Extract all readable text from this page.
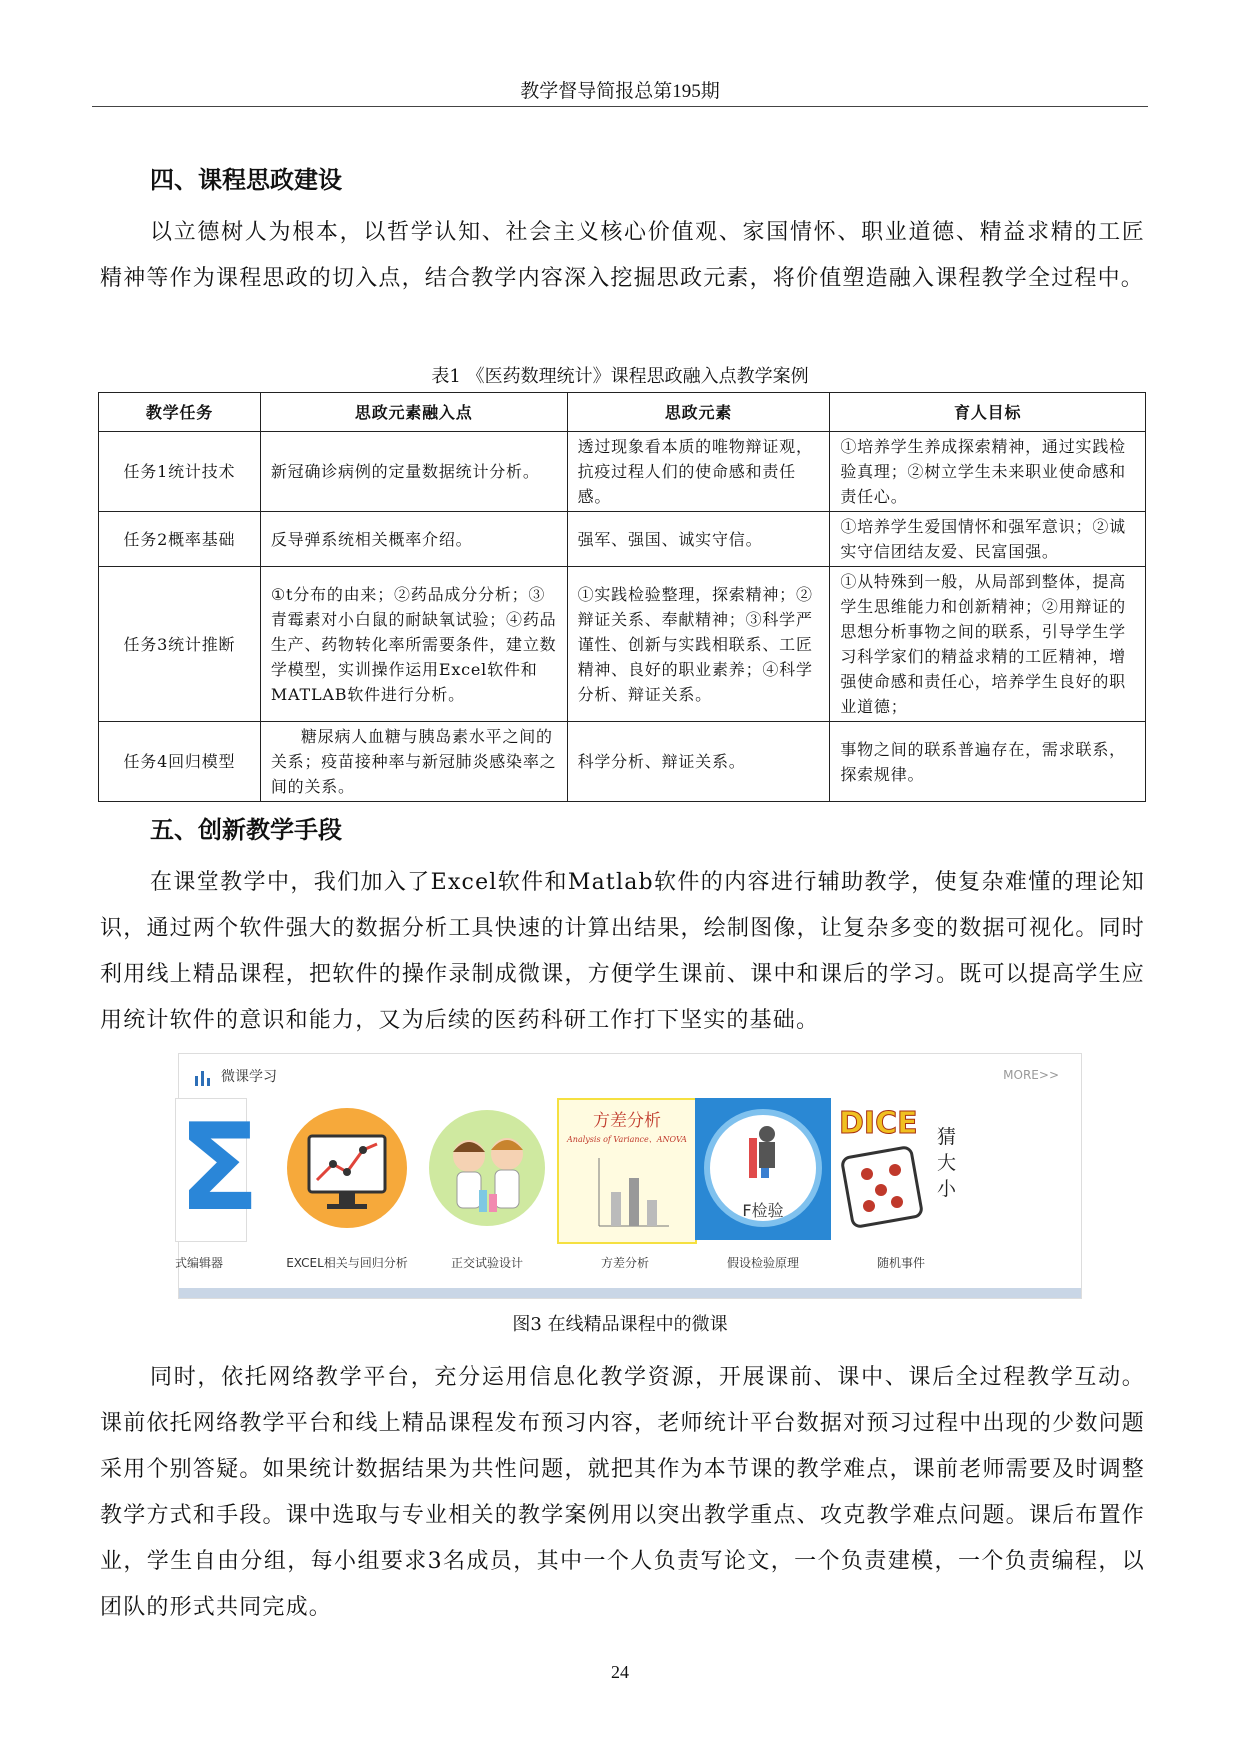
教学督导简报总第195期
四、课程思政建设
以立德树人为根本，以哲学认知、社会主义核心价值观、家国情怀、职业道德、精益求精的工匠精神等作为课程思政的切入点，结合教学内容深入挖掘思政元素，将价值塑造融入课程教学全过程中。
表1 《医药数理统计》课程思政融入点教学案例
教学任务	思政元素融入点	思政元素	育人目标
任务1统计技术	新冠确诊病例的定量数据统计分析。	透过现象看本质的唯物辩证观，抗疫过程人们的使命感和责任感。	①培养学生养成探索精神，通过实践检验真理；②树立学生未来职业使命感和责任心。
任务2概率基础	反导弹系统相关概率介绍。	强军、强国、诚实守信。	①培养学生爱国情怀和强军意识；②诚实守信团结友爱、民富国强。
任务3统计推断	①t分布的由来；②药品成分分析；③青霉素对小白鼠的耐缺氧试验；④药品生产、药物转化率所需要条件，建立数学模型，实训操作运用Excel软件和MATLAB软件进行分析。	①实践检验整理，探索精神；②辩证关系、奉献精神；③科学严谨性、创新与实践相联系、工匠精神、良好的职业素养；④科学分析、辩证关系。	①从特殊到一般，从局部到整体，提高学生思维能力和创新精神；②用辩证的思想分析事物之间的联系，引导学生学习科学家们的精益求精的工匠精神，增强使命感和责任心，培养学生良好的职业道德；
任务4回归模型	糖尿病人血糖与胰岛素水平之间的关系；疫苗接种率与新冠肺炎感染率之间的关系。	科学分析、辩证关系。	事物之间的联系普遍存在，需求联系，探索规律。
五、创新教学手段
在课堂教学中，我们加入了Excel软件和Matlab软件的内容进行辅助教学，使复杂难懂的理论知识，通过两个软件强大的数据分析工具快速的计算出结果，绘制图像，让复杂多变的数据可视化。同时利用线上精品课程，把软件的操作录制成微课，方便学生课前、课中和课后的学习。既可以提高学生应用统计软件的意识和能力，又为后续的医药科研工作打下坚实的基础。
微课学习	MORE>>
Σ
式编辑器	EXCEL相关与回归分析	正交试验设计
方差分析
Analysis of Variance、ANOVA
方差分析
F检验
假设检验原理
DICE 猜大小
随机事件
图3 在线精品课程中的微课
同时，依托网络教学平台，充分运用信息化教学资源，开展课前、课中、课后全过程教学互动。课前依托网络教学平台和线上精品课程发布预习内容，老师统计平台数据对预习过程中出现的少数问题采用个别答疑。如果统计数据结果为共性问题，就把其作为本节课的教学难点，课前老师需要及时调整教学方式和手段。课中选取与专业相关的教学案例用以突出教学重点、攻克教学难点问题。课后布置作业，学生自由分组，每小组要求3名成员，其中一个人负责写论文，一个负责建模，一个负责编程，以团队的形式共同完成。
24
